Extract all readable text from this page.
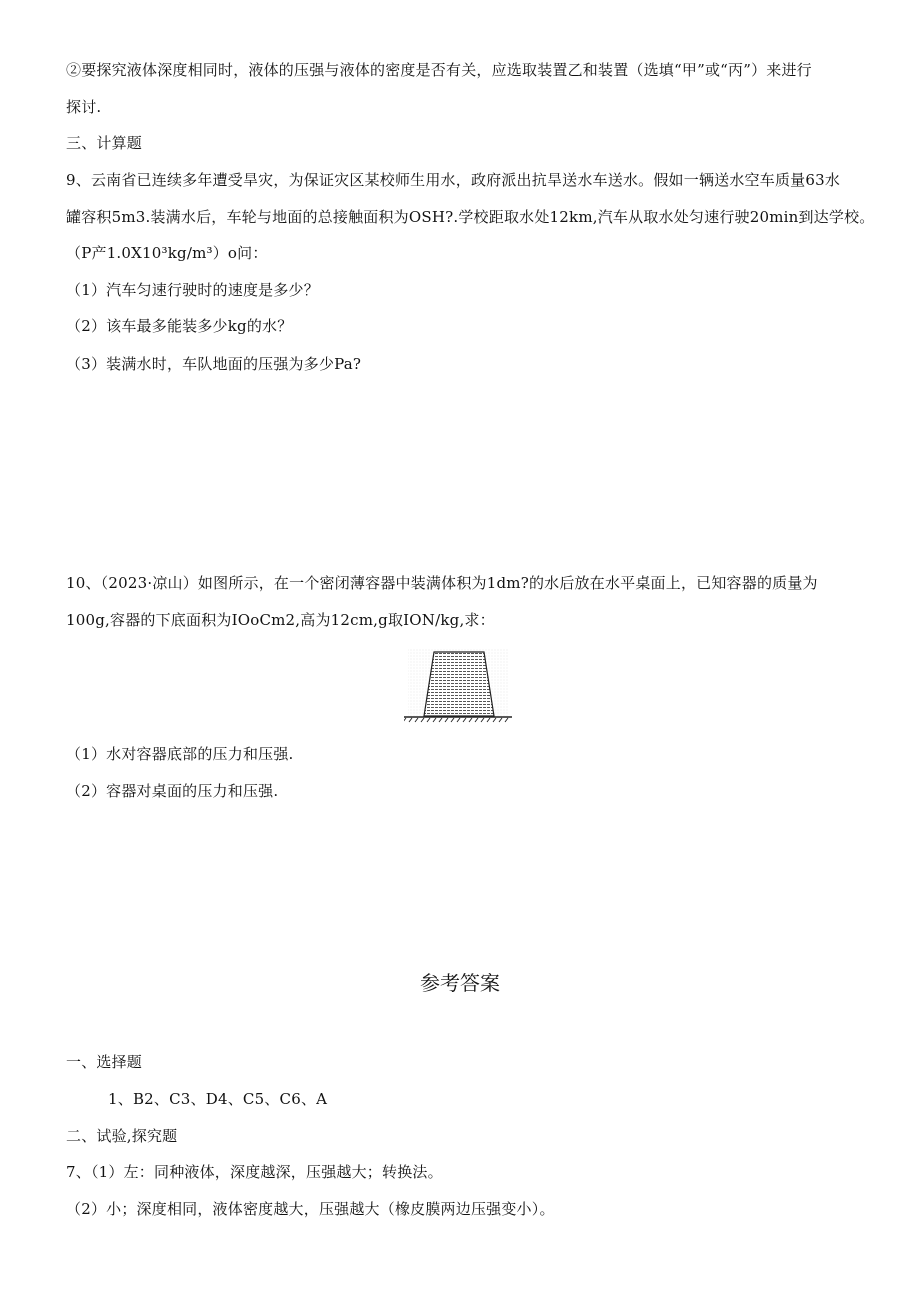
②要探究液体深度相同时，液体的压强与液体的密度是否有关，应选取装置乙和装置（选填“甲”或“丙”）来进行
探讨.
三、计算题
9、云南省已连续多年遭受旱灾，为保证灾区某校师生用水，政府派出抗旱送水车送水。假如一辆送水空车质量63水
罐容积5m3.装满水后，车轮与地面的总接触面积为OSH?.学校距取水处12km,汽车从取水处匀速行驶20min到达学校。
（P产1.0X10³kg∕m³）o问：
（1）汽车匀速行驶时的速度是多少？
（2）该车最多能装多少kg的水？
（3）装满水时，车队地面的压强为多少Pa?
10、（2023·凉山）如图所示，在一个密闭薄容器中装满体积为1dm?的水后放在水平桌面上，已知容器的质量为
100g,容器的下底面积为IOoCm2,高为12cm,g取ION∕kg,求：
（1）水对容器底部的压力和压强.
（2）容器对桌面的压力和压强.
参考答案
一、选择题
1、B2、C3、D4、C5、C6、A
二、试验,探究题
7、（1）左：同种液体，深度越深，压强越大；转换法。
（2）小；深度相同，液体密度越大，压强越大（橡皮膜两边压强变小）。
